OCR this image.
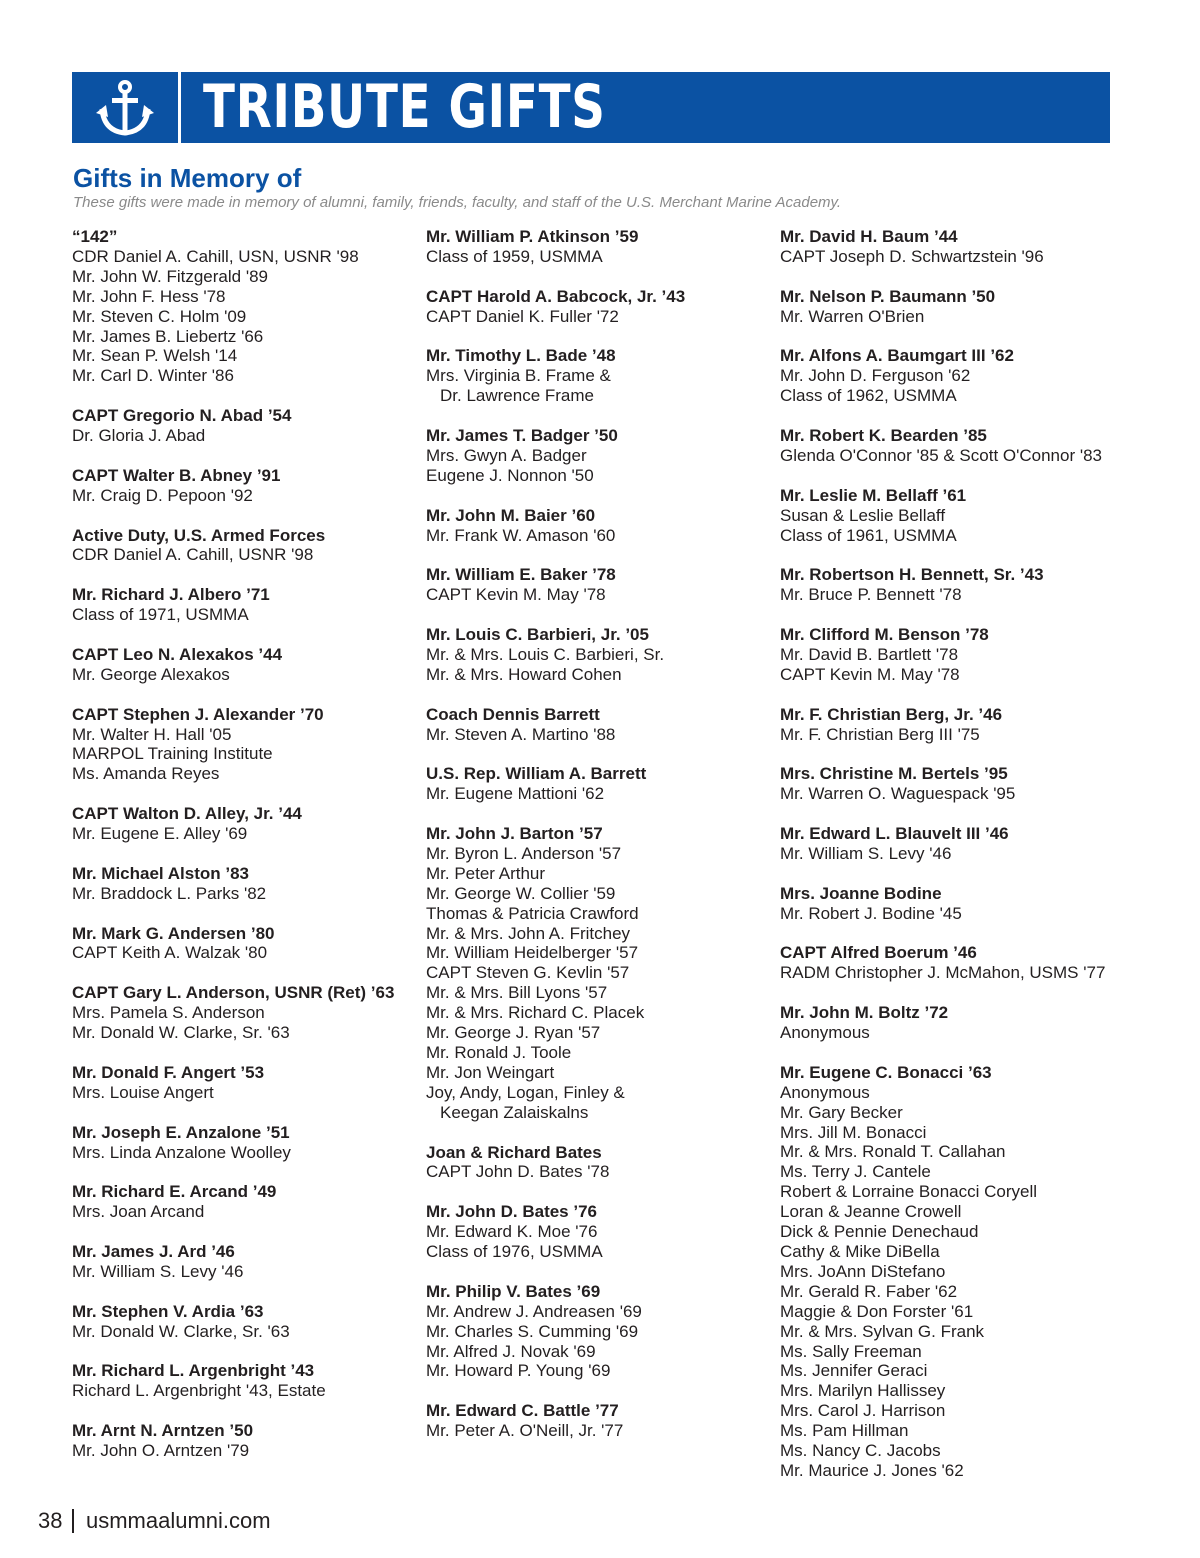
TRIBUTE GIFTS
Gifts in Memory of

These gifts were made in memory of alumni, family, friends, faculty, and staff of the U.S. Merchant Marine Academy.

“142”
CDR Daniel A. Cahill, USN, USNR '98
Mr. John W. Fitzgerald '89
Mr. John F. Hess '78
Mr. Steven C. Holm '09
Mr. James B. Liebertz '66
Mr. Sean P. Welsh '14
Mr. Carl D. Winter '86
CAPT Gregorio N. Abad ’54
Dr. Gloria J. Abad
CAPT Walter B. Abney ’91
Mr. Craig D. Pepoon '92
Active Duty, U.S. Armed Forces
CDR Daniel A. Cahill, USNR '98
Mr. Richard J. Albero ’71
Class of 1971, USMMA
CAPT Leo N. Alexakos ’44
Mr. George Alexakos
CAPT Stephen J. Alexander ’70
Mr. Walter H. Hall '05
MARPOL Training Institute
Ms. Amanda Reyes
CAPT Walton D. Alley, Jr. ’44
Mr. Eugene E. Alley '69
Mr. Michael Alston ’83
Mr. Braddock L. Parks '82
Mr. Mark G. Andersen ’80
CAPT Keith A. Walzak '80
CAPT Gary L. Anderson, USNR (Ret) ’63
Mrs. Pamela S. Anderson
Mr. Donald W. Clarke, Sr. '63
Mr. Donald F. Angert ’53
Mrs. Louise Angert
Mr. Joseph E. Anzalone ’51
Mrs. Linda Anzalone Woolley
Mr. Richard E. Arcand ’49
Mrs. Joan Arcand
Mr. James J. Ard ’46
Mr. William S. Levy '46
Mr. Stephen V. Ardia ’63
Mr. Donald W. Clarke, Sr. '63
Mr. Richard L. Argenbright ’43
Richard L. Argenbright '43, Estate
Mr. Arnt N. Arntzen ’50
Mr. John O. Arntzen '79
Mr. William P. Atkinson ’59
Class of 1959, USMMA
CAPT Harold A. Babcock, Jr. ’43
CAPT Daniel K. Fuller '72
Mr. Timothy L. Bade ’48
Mrs. Virginia B. Frame &
Dr. Lawrence Frame
Mr. James T. Badger ’50
Mrs. Gwyn A. Badger
Eugene J. Nonnon '50
Mr. John M. Baier ’60
Mr. Frank W. Amason '60
Mr. William E. Baker ’78
CAPT Kevin M. May '78
Mr. Louis C. Barbieri, Jr. ’05
Mr. & Mrs. Louis C. Barbieri, Sr.
Mr. & Mrs. Howard Cohen
Coach Dennis Barrett
Mr. Steven A. Martino '88
U.S. Rep. William A. Barrett
Mr. Eugene Mattioni '62
Mr. John J. Barton ’57
Mr. Byron L. Anderson '57
Mr. Peter Arthur
Mr. George W. Collier '59
Thomas & Patricia Crawford
Mr. & Mrs. John A. Fritchey
Mr. William Heidelberger '57
CAPT Steven G. Kevlin '57
Mr. & Mrs. Bill Lyons '57
Mr. & Mrs. Richard C. Placek
Mr. George J. Ryan '57
Mr. Ronald J. Toole
Mr. Jon Weingart
Joy, Andy, Logan, Finley &
Keegan Zalaiskalns
Joan & Richard Bates
CAPT John D. Bates '78
Mr. John D. Bates ’76
Mr. Edward K. Moe '76
Class of 1976, USMMA
Mr. Philip V. Bates ’69
Mr. Andrew J. Andreasen '69
Mr. Charles S. Cumming '69
Mr. Alfred J. Novak '69
Mr. Howard P. Young '69
Mr. Edward C. Battle ’77
Mr. Peter A. O'Neill, Jr. '77
Mr. David H. Baum ’44
CAPT Joseph D. Schwartzstein '96
Mr. Nelson P. Baumann ’50
Mr. Warren O'Brien
Mr. Alfons A. Baumgart III ’62
Mr. John D. Ferguson '62
Class of 1962, USMMA
Mr. Robert K. Bearden ’85
Glenda O'Connor '85 & Scott O'Connor '83
Mr. Leslie M. Bellaff ’61
Susan & Leslie Bellaff
Class of 1961, USMMA
Mr. Robertson H. Bennett, Sr. ’43
Mr. Bruce P. Bennett '78
Mr. Clifford M. Benson ’78
Mr. David B. Bartlett '78
CAPT Kevin M. May '78
Mr. F. Christian Berg, Jr. ’46
Mr. F. Christian Berg III '75
Mrs. Christine M. Bertels ’95
Mr. Warren O. Waguespack '95
Mr. Edward L. Blauvelt III ’46
Mr. William S. Levy '46
Mrs. Joanne Bodine
Mr. Robert J. Bodine '45
CAPT Alfred Boerum ’46
RADM Christopher J. McMahon, USMS '77
Mr. John M. Boltz ’72
Anonymous
Mr. Eugene C. Bonacci ’63
Anonymous
Mr. Gary Becker
Mrs. Jill M. Bonacci
Mr. & Mrs. Ronald T. Callahan
Ms. Terry J. Cantele
Robert & Lorraine Bonacci Coryell
Loran & Jeanne Crowell
Dick & Pennie Denechaud
Cathy & Mike DiBella
Mrs. JoAnn DiStefano
Mr. Gerald R. Faber '62
Maggie & Don Forster '61
Mr. & Mrs. Sylvan G. Frank
Ms. Sally Freeman
Ms. Jennifer Geraci
Mrs. Marilyn Hallissey
Mrs. Carol J. Harrison
Ms. Pam Hillman
Ms. Nancy C. Jacobs
Mr. Maurice J. Jones '62
38 usmmaalumni.com
